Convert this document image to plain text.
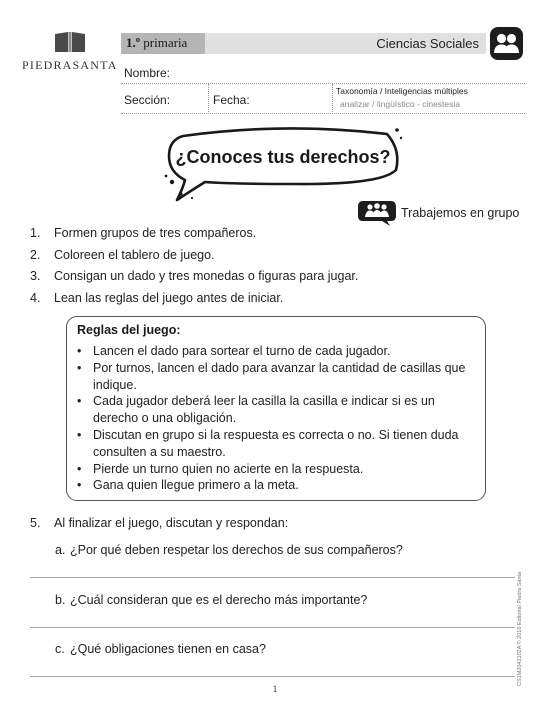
PIEDRASANTA
1.º primaria	Ciencias Sociales
Nombre:
Sección:	Fecha:
Taxonomía / Inteligencias múltiples
analizar / lingüístico - cinestesia
¿Conoces tus derechos?
Trabajemos en grupo
1. Formen grupos de tres compañeros.
2. Coloreen el tablero de juego.
3. Consigan un dado y tres monedas o figuras para jugar.
4. Lean las reglas del juego antes de iniciar.
Reglas del juego:
• Lancen el dado para sortear el turno de cada jugador.
• Por turnos, lancen el dado para avanzar la cantidad de casillas que indique.
• Cada jugador deberá leer la casilla la casilla e indicar si es un derecho o una obligación.
• Discutan en grupo si la respuesta es correcta o no. Si tienen duda consulten a su maestro.
• Pierde un turno quien no acierte en la respuesta.
• Gana quien llegue primero a la meta.
5. Al finalizar el juego, discutan y respondan:
a. ¿Por qué deben respetar los derechos de sus compañeros?
b. ¿Cuál consideran que es el derecho más importante?
c. ¿Qué obligaciones tienen en casa?	CS1M2042102A © 2016 Editorial Piedra Santa
1
